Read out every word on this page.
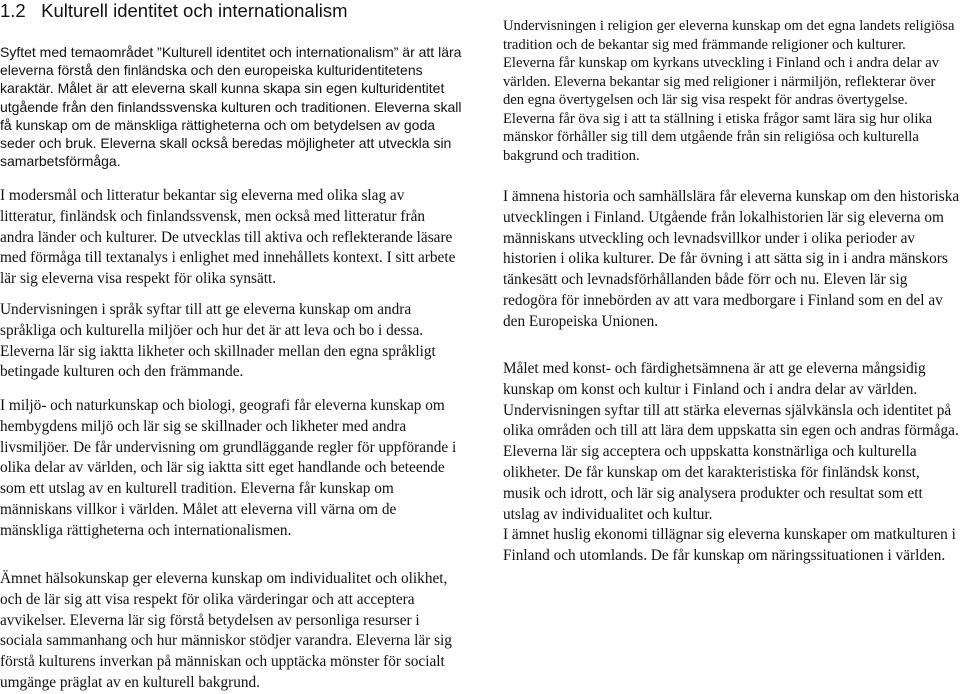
1.2 Kulturell identitet och internationalism

Syftet med temaområdet ”Kulturell identitet och internationalism” är att lära eleverna förstå den finländska och den europeiska kulturidentitetens karaktär. Målet är att eleverna skall kunna skapa sin egen kulturidentitet utgående från den finlandssvenska kulturen och traditionen. Eleverna skall få kunskap om de mänskliga rättigheterna och om betydelsen av goda seder och bruk. Eleverna skall också beredas möjligheter att utveckla sin samarbetsförmåga.

I modersmål och litteratur bekantar sig eleverna med olika slag av litteratur, finländsk och finlandssvensk, men också med litteratur från andra länder och kulturer. De utvecklas till aktiva och reflekterande läsare med förmåga till textanalys i enlighet med innehållets kontext. I sitt arbete lär sig eleverna visa respekt för olika synsätt.

Undervisningen i språk syftar till att ge eleverna kunskap om andra språkliga och kulturella miljöer och hur det är att leva och bo i dessa. Eleverna lär sig iaktta likheter och skillnader mellan den egna språkligt betingade kulturen och den främmande.

I miljö- och naturkunskap och biologi, geografi får eleverna kunskap om hembygdens miljö och lär sig se skillnader och likheter med andra livsmiljöer. De får undervisning om grundläggande regler för uppförande i olika delar av världen, och lär sig iaktta sitt eget handlande och beteende som ett utslag av en kulturell tradition. Eleverna får kunskap om människans villkor i världen. Målet att eleverna vill värna om de mänskliga rättigheterna och internationalismen.

Ämnet hälsokunskap ger eleverna kunskap om individualitet och olikhet, och de lär sig att visa respekt för olika värderingar och att acceptera avvikelser. Eleverna lär sig förstå betydelsen av personliga resurser i sociala sammanhang och hur människor stödjer varandra. Eleverna lär sig förstå kulturens inverkan på människan och upptäcka mönster för socialt umgänge präglat av en kulturell bakgrund.

Undervisningen i religion ger eleverna kunskap om det egna landets religiösa tradition och de bekantar sig med främmande religioner och kulturer. Eleverna får kunskap om kyrkans utveckling i Finland och i andra delar av världen. Eleverna bekantar sig med religioner i närmiljön, reflekterar över den egna övertygelsen och lär sig visa respekt för andras övertygelse. Eleverna får öva sig i att ta ställning i etiska frågor samt lära sig hur olika mänskor förhåller sig till dem utgående från sin religiösa och kulturella bakgrund och tradition.

I ämnena historia och samhällslära får eleverna kunskap om den historiska utvecklingen i Finland. Utgående från lokalhistorien lär sig eleverna om människans utveckling och levnadsvillkor under i olika perioder av historien i olika kulturer. De får övning i att sätta sig in i andra mänskors tänkesätt och levnadsförhållanden både förr och nu. Eleven lär sig redogöra för innebörden av att vara medborgare i Finland som en del av den Europeiska Unionen.

Målet med konst- och färdighetsämnena är att ge eleverna mångsidig kunskap om konst och kultur i Finland och i andra delar av världen. Undervisningen syftar till att stärka elevernas självkänsla och identitet på olika områden och till att lära dem uppskatta sin egen och andras förmåga. Eleverna lär sig acceptera och uppskatta konstnärliga och kulturella olikheter. De får kunskap om det karakteristiska för finländsk konst, musik och idrott, och lär sig analysera produkter och resultat som ett utslag av individualitet och kultur.

I ämnet huslig ekonomi tillägnar sig eleverna kunskaper om matkulturen i Finland och utomlands. De får kunskap om näringssituationen i världen.
